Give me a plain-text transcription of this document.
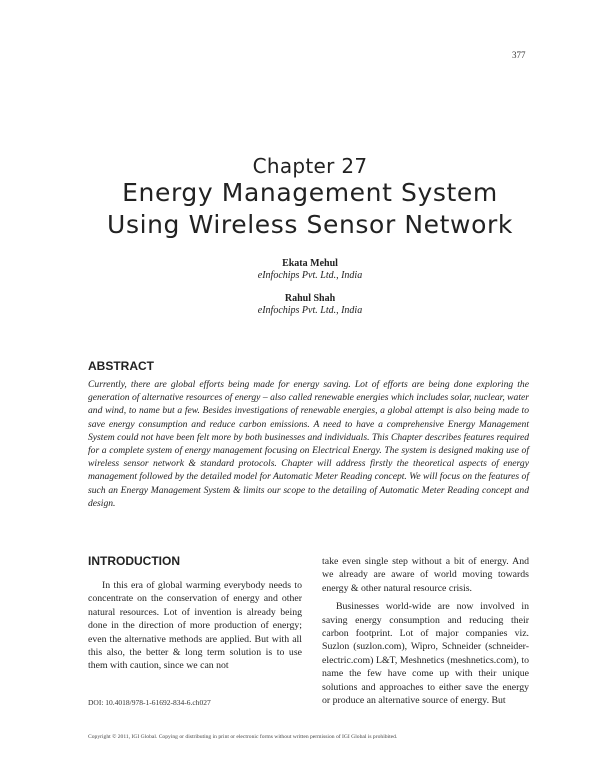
377
Chapter 27
Energy Management System
Using Wireless Sensor Network
Ekata Mehul
eInfochips Pvt. Ltd., India
Rahul Shah
eInfochips Pvt. Ltd., India
ABSTRACT
Currently, there are global efforts being made for energy saving. Lot of efforts are being done exploring the generation of alternative resources of energy – also called renewable energies which includes solar, nuclear, water and wind, to name but a few. Besides investigations of renewable energies, a global attempt is also being made to save energy consumption and reduce carbon emissions. A need to have a comprehensive Energy Management System could not have been felt more by both businesses and individuals. This Chapter describes features required for a complete system of energy management focusing on Electrical Energy. The system is designed making use of wireless sensor network & standard protocols. Chapter will address firstly the theoretical aspects of energy management followed by the detailed model for Automatic Meter Reading concept. We will focus on the features of such an Energy Management System & limits our scope to the detailing of Automatic Meter Reading concept and design.
INTRODUCTION

In this era of global warming everybody needs to concentrate on the conservation of energy and other natural resources. Lot of invention is already being done in the direction of more production of energy; even the alternative methods are applied. But with all this also, the better & long term solution is to use them with caution, since we can not

take even single step without a bit of energy. And we already are aware of world moving towards energy & other natural resource crisis.

Businesses world-wide are now involved in saving energy consumption and reducing their carbon footprint. Lot of major companies viz. Suzlon (suzlon.com), Wipro, Schneider (schneider-electric.com) L&T, Meshnetics (meshnetics.com), to name the few have come up with their unique solutions and approaches to either save the energy or produce an alternative source of energy. But

DOI: 10.4018/978-1-61692-834-6.ch027
Copyright © 2011, IGI Global. Copying or distributing in print or electronic forms without written permission of IGI Global is prohibited.
